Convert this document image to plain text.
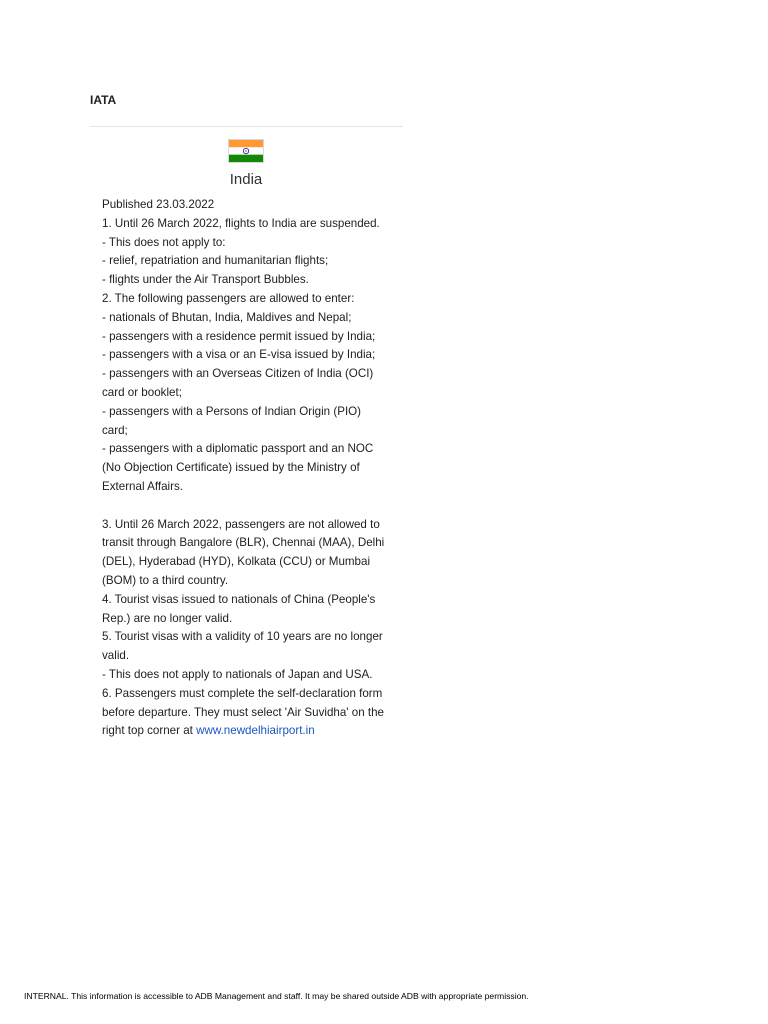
IATA
India
Published 23.03.2022
1. Until 26 March 2022, flights to India are suspended.
- This does not apply to:
- relief, repatriation and humanitarian flights;
- flights under the Air Transport Bubbles.
2. The following passengers are allowed to enter:
- nationals of Bhutan, India, Maldives and Nepal;
- passengers with a residence permit issued by India;
- passengers with a visa or an E-visa issued by India;
- passengers with an Overseas Citizen of India (OCI)
card or booklet;
- passengers with a Persons of Indian Origin (PIO)
card;
- passengers with a diplomatic passport and an NOC
(No Objection Certificate) issued by the Ministry of
External Affairs.
3. Until 26 March 2022, passengers are not allowed to
transit through Bangalore (BLR), Chennai (MAA), Delhi
(DEL), Hyderabad (HYD), Kolkata (CCU) or Mumbai
(BOM) to a third country.
4. Tourist visas issued to nationals of China (People's
Rep.) are no longer valid.
5. Tourist visas with a validity of 10 years are no longer
valid.
- This does not apply to nationals of Japan and USA.
6. Passengers must complete the self-declaration form
before departure. They must select 'Air Suvidha' on the
right top corner at www.newdelhiairport.in
INTERNAL. This information is accessible to ADB Management and staff. It may be shared outside ADB with appropriate permission.
